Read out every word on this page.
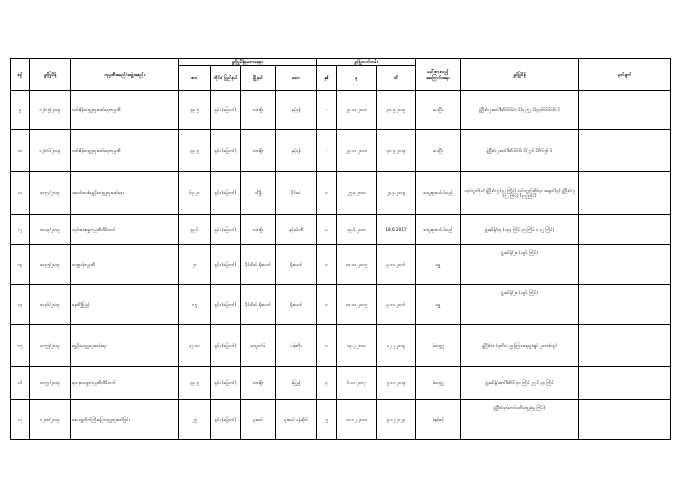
စဥ်	ခွင့်ပြုမိန့်	ကုမ္ပဏီအမည်/အဖွဲ့အစည်း	ခွင့်ပြုမိန့်ရသောနေရာ				ခွင့်ပြုသက်တမ်း			ခေါ်ထားသည့် အကြောင်းအရာ	ခွင့်ပြုမိန့်	မှတ်ချက်
			ဧက	တိုင်း/ ပြည်နယ်	မြို့နယ်	ဒေသ	နှစ်	မှ	ထိ			
၉	၁၂/၁၅/၂၀၁၉	လင်းစိန်သတ္တုတူးဖော်ရေးကုမ္ပဏီ	၄၉.၅	ရှမ်း (မြောက်)	လားရှိုး	နမ့်ဝုန်	-	၂၃.၁၁.၂၀၁၈	၃၁.၅.၂၀၁၉	ပေးပြီး	ဖွဲ့ပြီး/၁၂အက်ဒီး/၆၆၆၆/၁ မိ/၄၇၅၂ မိ/၃၄၆၆၆၆၆/၆ ၆	
၁၀	၁၂/၁၆/၂၀၁၉	လင်းစိန်သတ္တုတူးဖော်ရေးကုမ္ပဏီ	၄၉.၅	ရှမ်း (မြောက်)	လားရှိုး	နမ့်ဝုန်	-	၂၃.၁၁.၂၀၁၈	၃၁.၅.၂၀၁၉	ပေးပြီး	ဖွဲ့ပြီး/၁၂အက်ဒီး/၆၆၆/၆ မိ/၂၇၆ မိ/၆၆၅၆ ၆	
၁၁	၀၀၄၇/၂၀၁၉	အလင်းသစ်ရွှေမိုးသတ္တုတူးဖော်ရေး	၆၃.၂၁	ရှမ်း (မြောက်)	သိန္နီ	မိုင်းယဲ	၁	၂၅.၃.၂၀၁၈	၂၄.၃.၂၀၁၉	ကျေးဇူးတင်ပါသည်	လုပ်ကွက်(၁) ဖွဲ့ပြီး/၁၅ (၄၂ ကြိမ်) လုပ်ကွက်ဆိုင်ရာ အချက်(၃) ဖွဲ့ပြီး/၁၅ (၇၂ ကြိမ်) (၄၅ ကြိမ်)	
၁၂	၀၀၁၃/၂၀၁၉	ဂရင်းဒေးရွှေကုမ္ပဏီလီမိတက်	၄၉.၆	ရှမ်း (မြောက်)	လားရှိုး	နမ့်ခမ်း-စီ	၁	၁၉.၆.၂၀၁၈	18.6.2017	ကျေးဇူးတင်ပါသည်	ဖွဲ့အမိန့်/၁၃ (၁၃၃ ကြိမ် ၃၅ ကြိမ် ၁ ၃၂ ကြိမ်)	
၁၃	၀၀၄၅/၂၀၁၉	သဏ္ဍာန်ကုမ္ပဏီ	၂၀	ရှမ်း (မြောက်)	မိုင်းမိတ် ရိုးမောင်	ရိုးမောင်	၁	၁၀.၁၀.၂၀၁၅	၉.၁၀.၂၀၁၆	ရွှေ	ဖွဲ့အမိန့်/၂၀ (၁၉၆ ကြိမ်)	
၁၄	၀၀၄၆/၂၀၁၉	နေသိဒ္ဓိပြည်	၁၅	ရှမ်း (မြောက်)	မိုင်းမိတ် ရိုးမောင်	ရိုးမောင်	၁	၁၀.၁၀.၂၀၁၅	၉.၁၀.၂၀၁၆	ရွှေ	ဖွဲ့အမိန့်/၂၀ (၁၉၆ ကြိမ်)	
၁၅	၀၀၅၅/၂၀၁၉	ရွှေမိုးသတ္တုတူးဖော်ရေး	၄၇.၁၁	ရှမ်း (မြောက်)	ကျောက်မဲ	ပန်းတိုး	၁	၁၃.၂.၂၀၁၈	၁၂.၂.၂၀၁၉	ခဲသတ္တု	ဖွဲ့ပြီး/၁၀ (ဒုတိယ ညွှန်ကြားရေးမှူးချုပ် ၂၀၁၈/၁၉)	
၁၆	၀၀၅၇/၂၀၁၉	ရတနာသစ္စာကုမ္ပဏီလီမိတက်	၄၉.၅	ရှမ်း (မြောက်)	လားရှိုး	ခဲပြည့်	၃	၆.၁၁.၂၀၁၇	၅.၁၁.၂၀၁၉	ခဲသတ္တု	ဖွဲ့အမိန့်/အက်ဒီး/၆၆ ၃၁ ကြိမ် ၂၅ မိ ၄၄ ကြိမ်	
၁၇	၁၂၀၈/၂၀၁၉	ဒေး ရွှေတိုက်ကြီးမြေသတ္တုတူးဖော်ခြင်း	၂၅	ရှမ်း (မြောက်)	မူဆယ်	မူဆယ်-ပန်ဆိုင်း	၅	၁၀.၁၂.၂၀၁၈	၉.၁၂.၂၀၂၃	ခဲနှင့်ဇင့်	ဖွဲ့ပြီး/၁၃(ကော်မတီတွေ့ဆုံမှု ကြိမ်)	
